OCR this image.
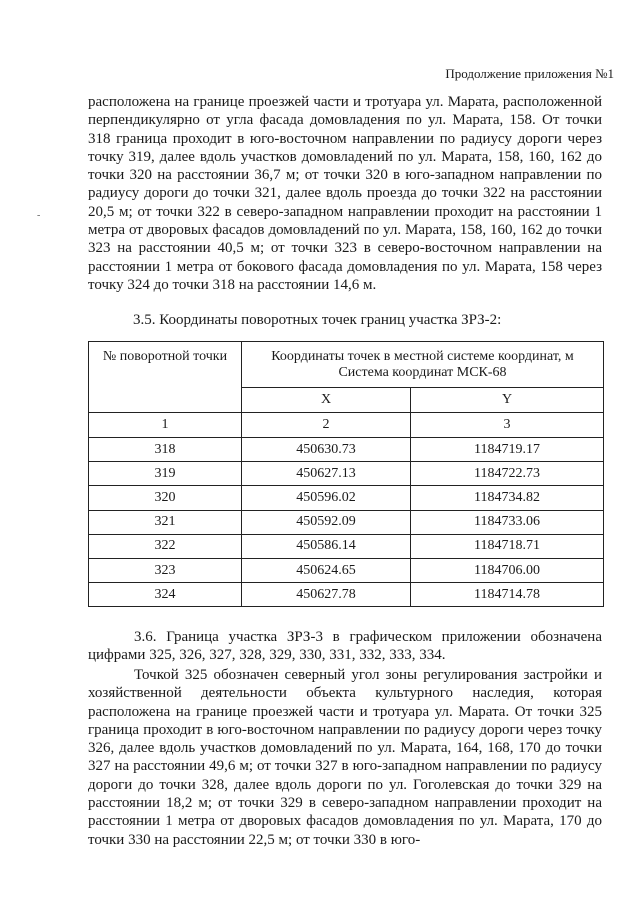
Продолжение приложения №1
-

расположена на границе проезжей части и тротуара ул. Марата, расположенной перпендикулярно от угла фасада домовладения по ул. Марата, 158. От точки 318 граница проходит в юго-восточном направлении по радиусу дороги через точку 319, далее вдоль участков домовладений по ул. Марата, 158, 160, 162 до точки 320 на расстоянии 36,7 м; от точки 320 в юго-западном направлении по радиусу дороги до точки 321, далее вдоль проезда до точки 322 на расстоянии 20,5 м; от точки 322 в северо-западном направлении проходит на расстоянии 1 метра от дворовых фасадов домовладений по ул. Марата, 158, 160, 162 до точки 323 на расстоянии 40,5 м; от точки 323 в северо-восточном направлении на расстоянии 1 метра от бокового фасада домовладения по ул. Марата, 158 через точку 324 до точки 318 на расстоянии 14,6 м.

3.5. Координаты поворотных точек границ участка ЗРЗ-2:

№ поворотной точки	Координаты точек в местной системе координат, м
Система координат МСК-68	

	X	Y
1	2	3
318	450630.73	1184719.17
319	450627.13	1184722.73
320	450596.02	1184734.82
321	450592.09	1184733.06
322	450586.14	1184718.71
323	450624.65	1184706.00
324	450627.78	1184714.78

3.6. Граница участка ЗРЗ-3 в графическом приложении обозначена цифрами 325, 326, 327, 328, 329, 330, 331, 332, 333, 334.

Точкой 325 обозначен северный угол зоны регулирования застройки и хозяйственной деятельности объекта культурного наследия, которая расположена на границе проезжей части и тротуара ул. Марата. От точки 325 граница проходит в юго-восточном направлении по радиусу дороги через точку 326, далее вдоль участков домовладений по ул. Марата, 164, 168, 170 до точки 327 на расстоянии 49,6 м; от точки 327 в юго-западном направлении по радиусу дороги до точки 328, далее вдоль дороги по ул. Гоголевская до точки 329 на расстоянии 18,2 м; от точки 329 в северо-западном направлении проходит на расстоянии 1 метра от дворовых фасадов домовладения по ул. Марата, 170 до точки 330 на расстоянии 22,5 м; от точки 330 в юго-
